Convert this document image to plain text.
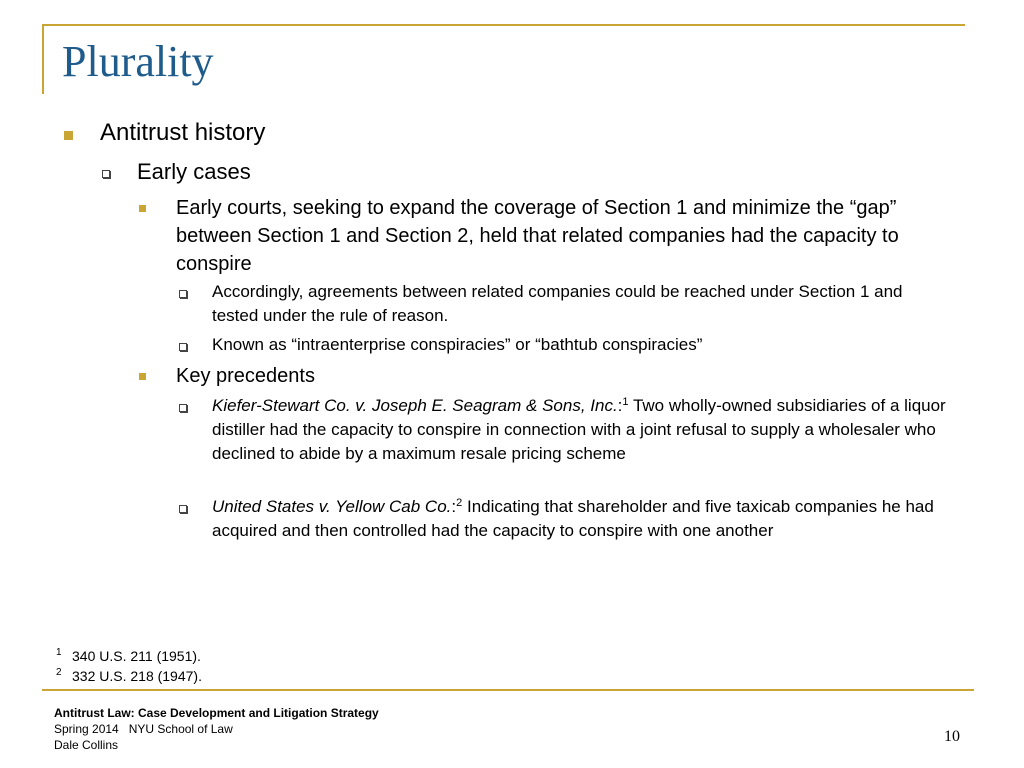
Plurality
Antitrust history
Early cases
Early courts, seeking to expand the coverage of Section 1 and minimize the “gap” between Section 1 and Section 2, held that related companies had the capacity to conspire
Accordingly, agreements between related companies could be reached under Section 1 and tested under the rule of reason.
Known as “intraenterprise conspiracies” or “bathtub conspiracies”
Key precedents
Kiefer-Stewart Co. v. Joseph E. Seagram & Sons, Inc.:$^1$ Two wholly-owned subsidiaries of a liquor distiller had the capacity to conspire in connection with a joint refusal to supply a wholesaler who declined to abide by a maximum resale pricing scheme
United States v. Yellow Cab Co.:$^2$ Indicating that shareholder and five taxicab companies he had acquired and then controlled had the capacity to conspire with one another
1 340 U.S. 211 (1951).
2 332 U.S. 218 (1947).
Antitrust Law: Case Development and Litigation Strategy
Spring 2014   NYU School of Law
Dale Collins	10
